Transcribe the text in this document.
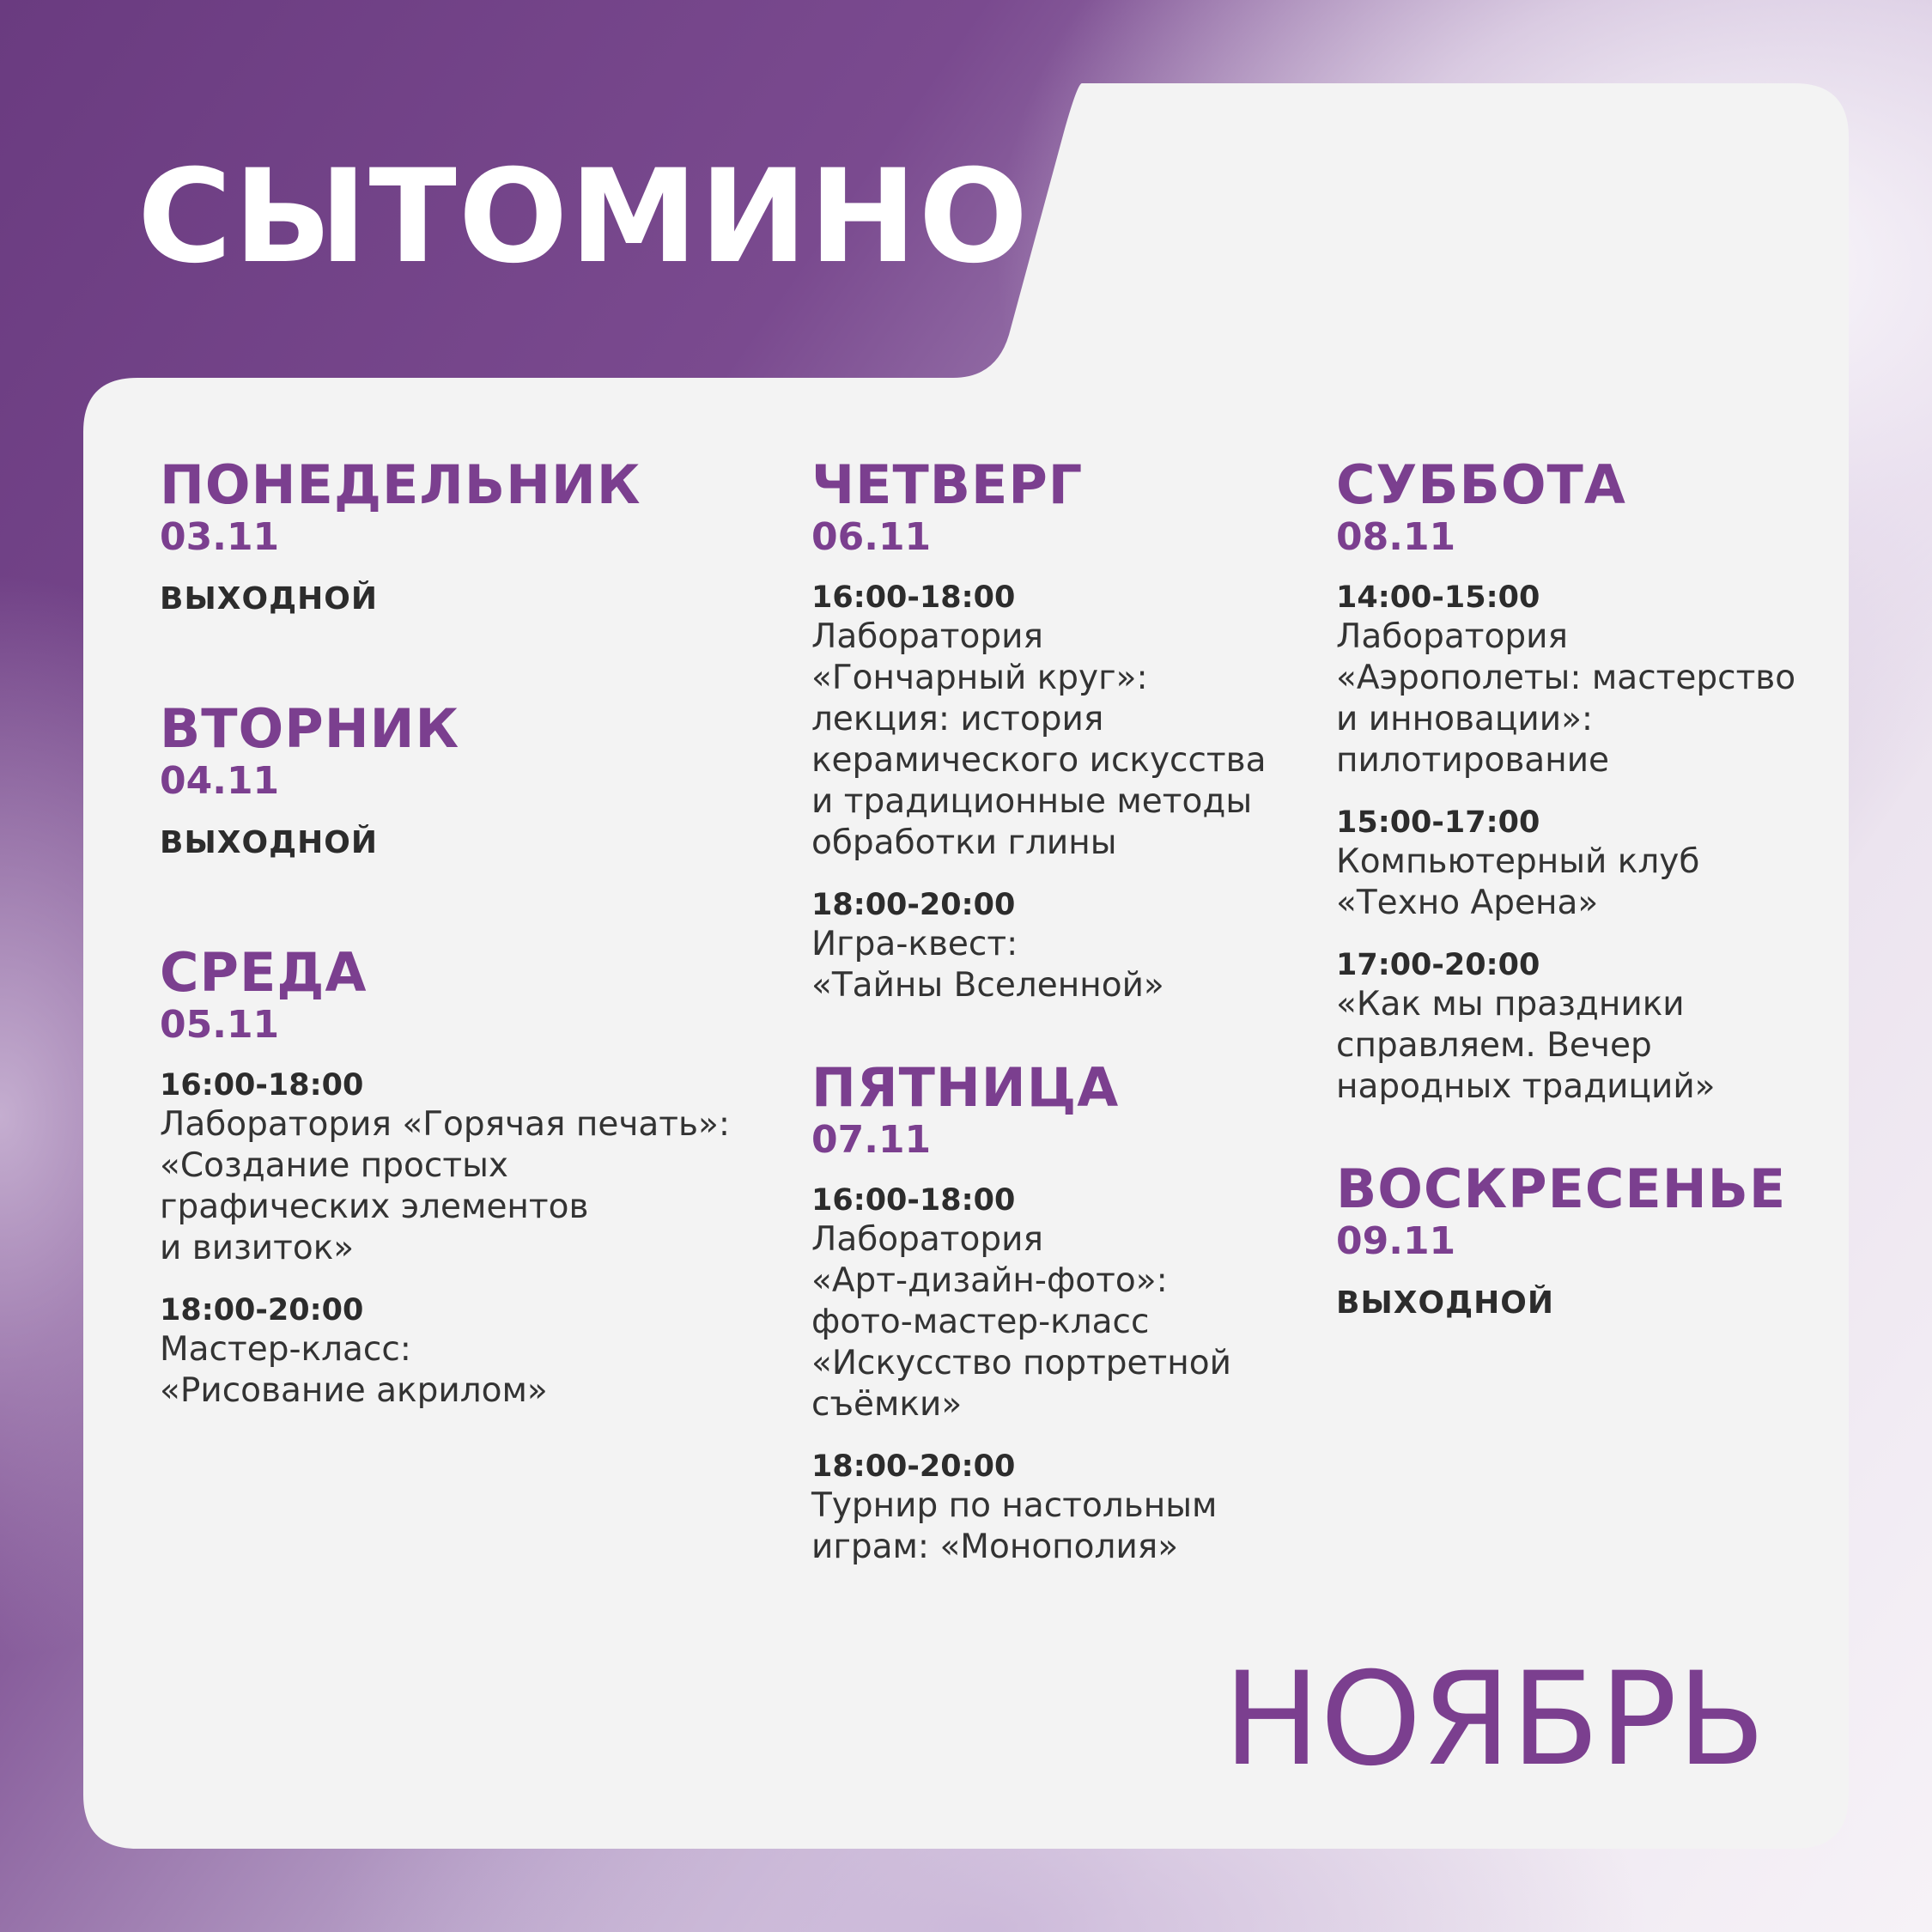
СЫТОМИНО
ПОНЕДЕЛЬНИК
03.11
ВЫХОДНОЙ
ВТОРНИК
04.11
ВЫХОДНОЙ
СРЕДА
05.11
16:00-18:00
Лаборатория «Горячая печать»:
«Создание простых
графических элементов
и визиток»
18:00-20:00
Мастер-класс:
«Рисование акрилом»
ЧЕТВЕРГ
06.11
16:00-18:00
Лаборатория
«Гончарный круг»:
лекция: история
керамического искусства
и традиционные методы
обработки глины
18:00-20:00
Игра-квест:
«Тайны Вселенной»
ПЯТНИЦА
07.11
16:00-18:00
Лаборатория
«Арт-дизайн-фото»:
фото-мастер-класс
«Искусство портретной
съёмки»
18:00-20:00
Турнир по настольным
играм: «Монополия»
СУББОТА
08.11
14:00-15:00
Лаборатория
«Аэрополеты: мастерство
и инновации»:
пилотирование
15:00-17:00
Компьютерный клуб
«Техно Арена»
17:00-20:00
«Как мы праздники
справляем. Вечер
народных традиций»
ВОСКРЕСЕНЬЕ
09.11
ВЫХОДНОЙ
НОЯБРЬ
